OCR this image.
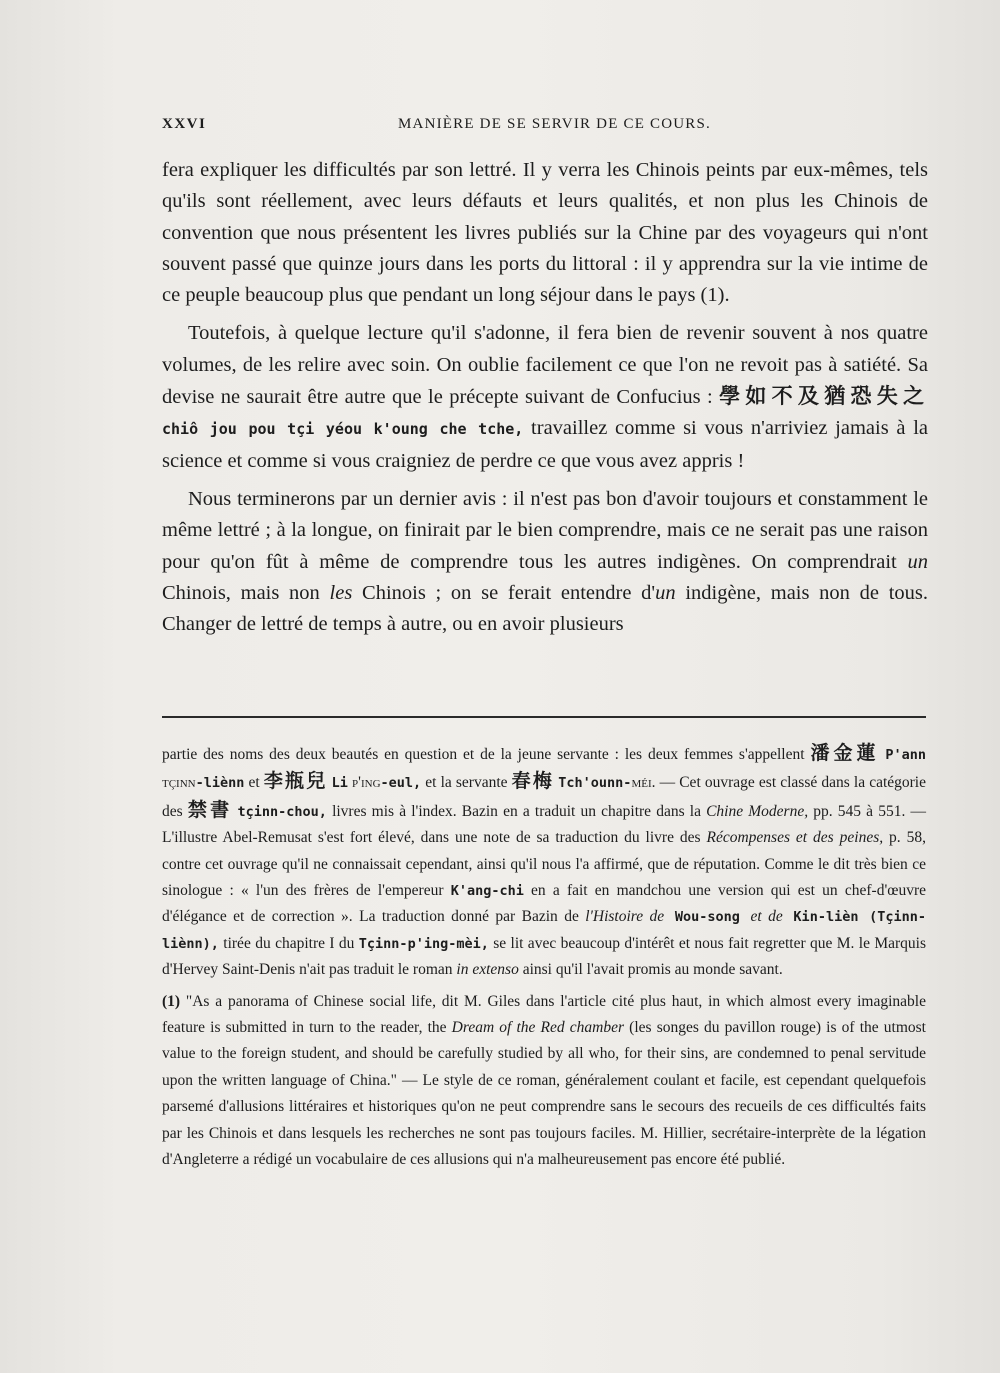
XXVI	MANIÈRE DE SE SERVIR DE CE COURS.

fera expliquer les difficultés par son lettré. Il y verra les Chinois peints par eux-mêmes, tels qu'ils sont réellement, avec leurs défauts et leurs qualités, et non plus les Chinois de convention que nous présentent les livres publiés sur la Chine par des voyageurs qui n'ont souvent passé que quinze jours dans les ports du littoral : il y apprendra sur la vie intime de ce peuple beaucoup plus que pendant un long séjour dans le pays (1).

Toutefois, à quelque lecture qu'il s'adonne, il fera bien de revenir souvent à nos quatre volumes, de les relire avec soin. On oublie facilement ce que l'on ne revoit pas à satiété. Sa devise ne saurait être autre que le précepte suivant de Confucius : 學如不及猶恐失之 chiô jou pou tçi yéou k'oung che tche, travaillez comme si vous n'arriviez jamais à la science et comme si vous craigniez de perdre ce que vous avez appris !

Nous terminerons par un dernier avis : il n'est pas bon d'avoir toujours et constamment le même lettré ; à la longue, on finirait par le bien comprendre, mais ce ne serait pas une raison pour qu'on fût à même de comprendre tous les autres indigènes. On comprendrait un Chinois, mais non les Chinois ; on se ferait entendre d'un indigène, mais non de tous. Changer de lettré de temps à autre, ou en avoir plusieurs

partie des noms des deux beautés en question et de la jeune servante : les deux femmes s'appellent 潘金蓮 P'ann tçinn-liènn et 李瓶兒 Li p'ing-eul, et la servante 春梅 Tch'ounn-méi. — Cet ouvrage est classé dans la catégorie des 禁書 tçinn-chou, livres mis à l'index. Bazin en a traduit un chapitre dans la Chine Moderne, pp. 545 à 551. — L'illustre Abel-Remusat s'est fort élevé, dans une note de sa traduction du livre des Récompenses et des peines, p. 58, contre cet ouvrage qu'il ne connaissait cependant, ainsi qu'il nous l'a affirmé, que de réputation. Comme le dit très bien ce sinologue : « l'un des frères de l'empereur K'ang-chi en a fait en mandchou une version qui est un chef-d'œuvre d'élégance et de correction ». La traduction donné par Bazin de l'Histoire de Wou-song et de Kin-lièn (Tçinn-liènn), tirée du chapitre I du Tçinn-p'ing-mèi, se lit avec beaucoup d'intérêt et nous fait regretter que M. le Marquis d'Hervey Saint-Denis n'ait pas traduit le roman in extenso ainsi qu'il l'avait promis au monde savant.

(1) "As a panorama of Chinese social life, dit M. Giles dans l'article cité plus haut, in which almost every imaginable feature is submitted in turn to the reader, the Dream of the Red chamber (les songes du pavillon rouge) is of the utmost value to the foreign student, and should be carefully studied by all who, for their sins, are condemned to penal servitude upon the written language of China." — Le style de ce roman, généralement coulant et facile, est cependant quelquefois parsemé d'allusions littéraires et historiques qu'on ne peut comprendre sans le secours des recueils de ces difficultés faits par les Chinois et dans lesquels les recherches ne sont pas toujours faciles. M. Hillier, secrétaire-interprète de la légation d'Angleterre a rédigé un vocabulaire de ces allusions qui n'a malheureusement pas encore été publié.
